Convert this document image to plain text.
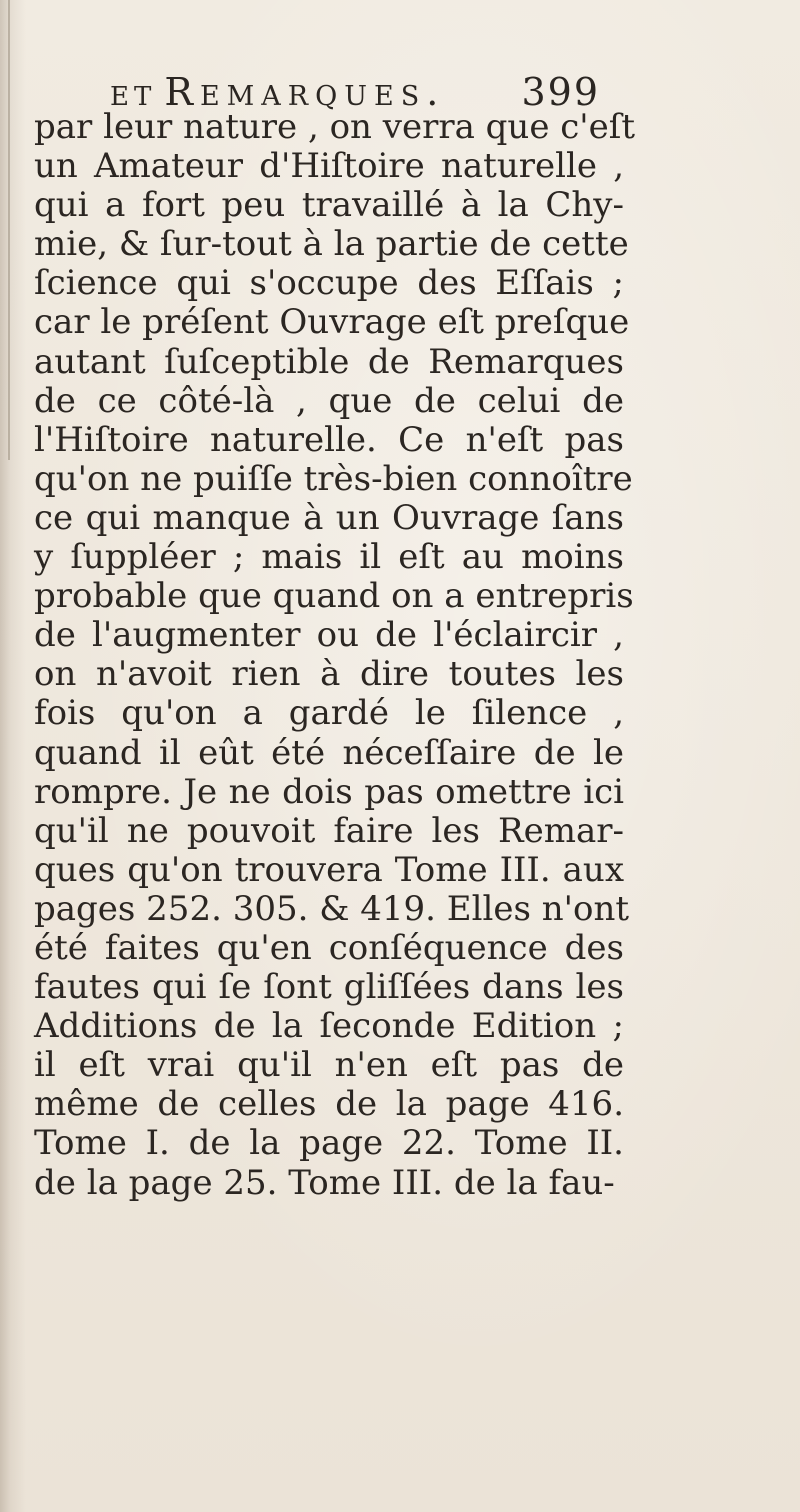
ET Remarques. 399
par leur nature , on verra que c'eſt
un Amateur d'Hiſtoire naturelle ,
qui a fort peu travaillé à la Chy-
mie, & ſur-tout à la partie de cette
ſcience qui s'occupe des Eſſais ;
car le préſent Ouvrage eſt preſque
autant ſuſceptible de Remarques
de ce côté-là , que de celui de
l'Hiſtoire naturelle. Ce n'eſt pas
qu'on ne puiſſe très-bien connoître
ce qui manque à un Ouvrage ſans
y ſuppléer ; mais il eſt au moins
probable que quand on a entrepris
de l'augmenter ou de l'éclaircir ,
on n'avoit rien à dire toutes les
fois qu'on a gardé le ſilence ,
quand il eût été néceſſaire de le
rompre. Je ne dois pas omettre ici
qu'il ne pouvoit faire les Remar-
ques qu'on trouvera Tome III. aux
pages 252. 305. & 419. Elles n'ont
été faites qu'en conſéquence des
fautes qui ſe ſont gliſſées dans les
Additions de la ſeconde Edition ;
il eſt vrai qu'il n'en eſt pas de
même de celles de la page 416.
Tome I. de la page 22. Tome II.
de la page 25. Tome III. de la fau-
